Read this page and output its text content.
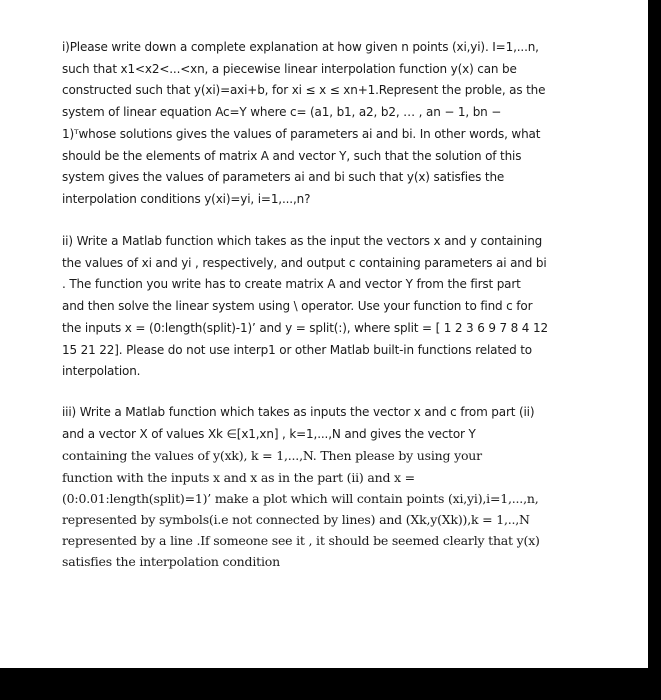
i)Please write down a complete explanation at how given n points (xi,yi). I=1,...n,
such that x1<x2<...<xn, a piecewise linear interpolation function y(x) can be
constructed such that y(xi)=axi+b, for xi ≤ x ≤ xn+1.Represent the proble, as the
system of linear equation Ac=Y where c= (a1, b1, a2, b2, … , an − 1, bn −
1)ᵀwhose solutions gives the values of parameters ai and bi. In other words, what
should be the elements of matrix A and vector Y, such that the solution of this
system gives the values of parameters ai and bi such that y(x) satisfies the
interpolation conditions y(xi)=yi, i=1,...,n?
ii) Write a Matlab function which takes as the input the vectors x and y containing
the values of xi and yi , respectively, and output c containing parameters ai and bi
. The function you write has to create matrix A and vector Y from the first part
and then solve the linear system using \ operator. Use your function to find c for
the inputs x = (0:length(split)-1)’ and y = split(:), where split = [ 1 2 3 6 9 7 8 4 12
15 21 22]. Please do not use interp1 or other Matlab built-in functions related to
interpolation.
iii) Write a Matlab function which takes as inputs the vector x and c from part (ii)
and a vector X of values Xk ∈[x1,xn] , k=1,...,N and gives the vector Y
containing the values of y(xk), k = 1,...,N. Then please by using your
function with the inputs x and x as in the part (ii) and x =
(0:0.01:length(split)=1)’ make a plot which will contain points (xi,yi),i=1,...,n,
represented by symbols(i.e not connected by lines) and (Xk,y(Xk)),k = 1,..,N
represented by a line .If someone see it , it should be seemed clearly that y(x)
satisfies the interpolation condition
